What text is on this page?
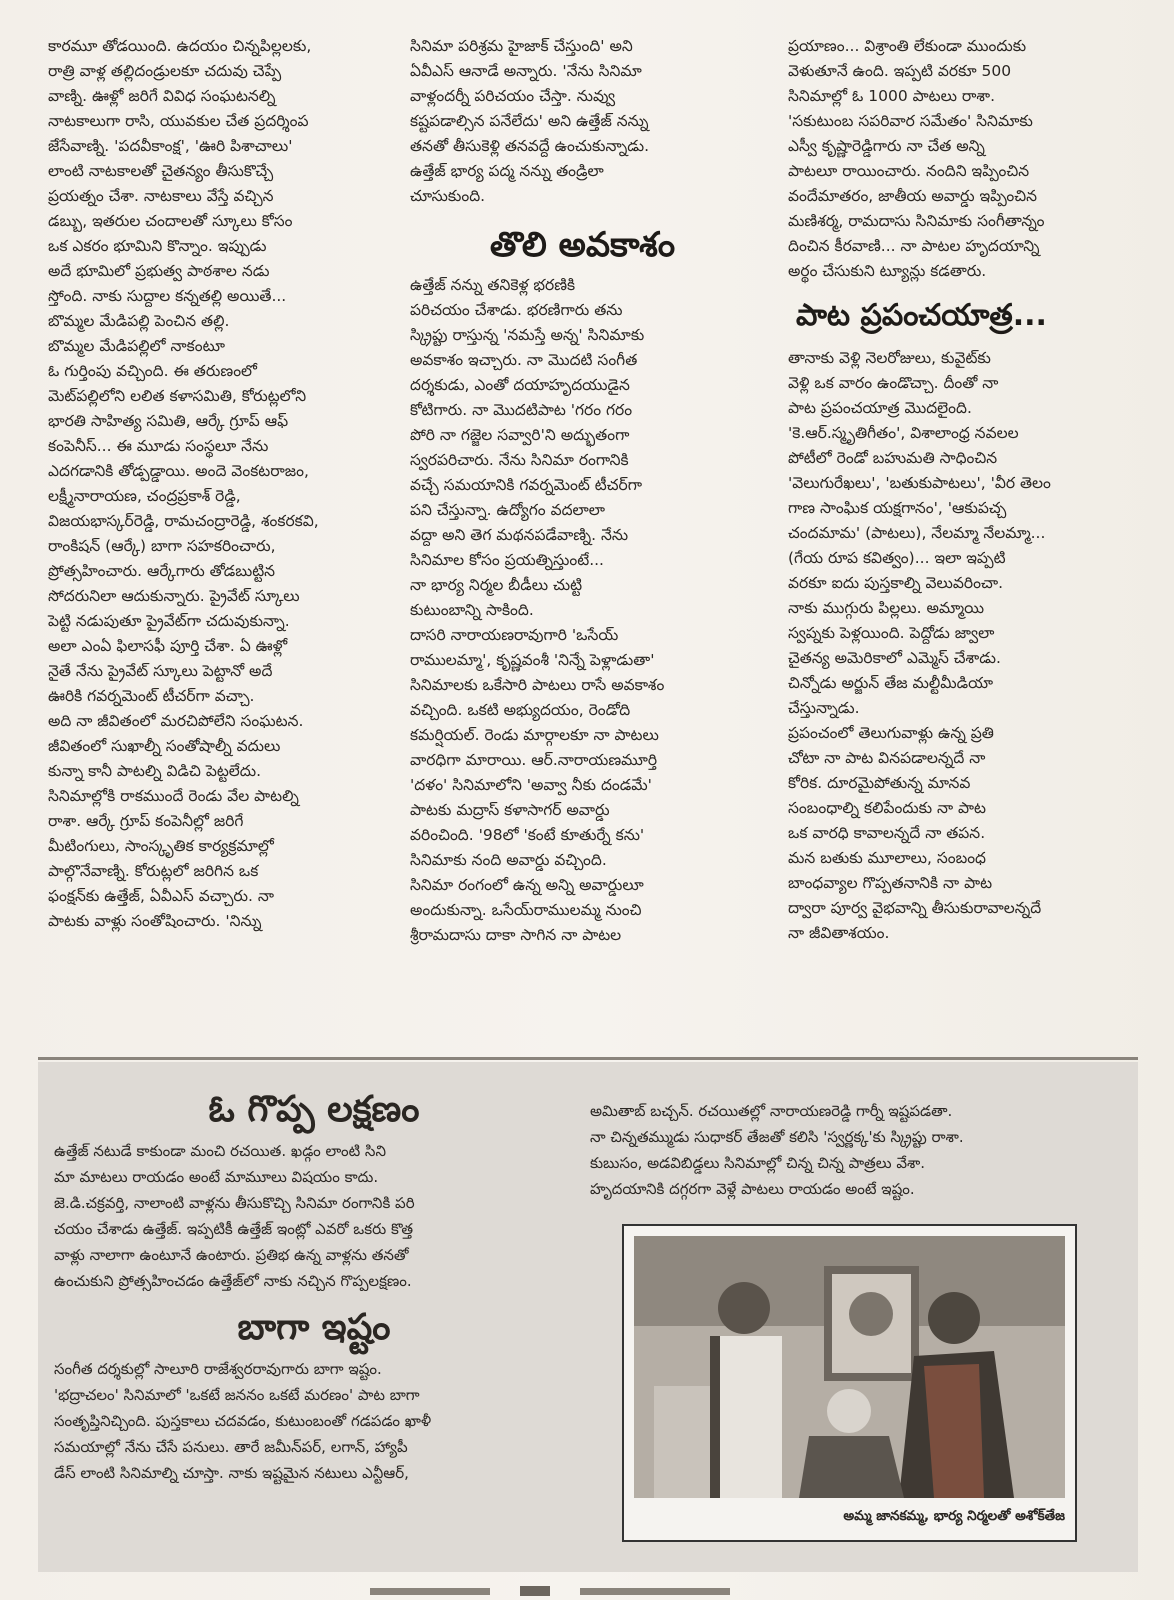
కారమూ తోడయింది. ఉదయం చిన్నపిల్లలకు,
రాత్రి వాళ్ల తల్లిదండ్రులకూ చదువు చెప్పే
వాణ్ని. ఊళ్లో జరిగే వివిధ సంఘటనల్ని
నాటకాలుగా రాసి, యువకుల చేత ప్రదర్శింప
జేసేవాణ్ని. 'పదవీకాంక్ష', 'ఊరి పిశాచాలు'
లాంటి నాటకాలతో చైతన్యం తీసుకొచ్చే
ప్రయత్నం చేశా. నాటకాలు వేస్తే వచ్చిన
డబ్బు, ఇతరుల చందాలతో స్కూలు కోసం
ఒక ఎకరం భూమిని కొన్నాం. ఇప్పుడు
అదే భూమిలో ప్రభుత్వ పాఠశాల నడు
స్తోంది. నాకు సుద్దాల కన్నతల్లి అయితే...
బొమ్మల మేడిపల్లి పెంచిన తల్లి.

బొమ్మల మేడిపల్లిలో నాకంటూ
ఓ గుర్తింపు వచ్చింది. ఈ తరుణంలో
మెట్‌పల్లిలోని లలిత కళాసమితి, కోరుట్లలోని
భారతి సాహిత్య సమితి, ఆర్కే గ్రూప్ ఆఫ్
కంపెనీస్... ఈ మూడు సంస్థలూ నేను
ఎదగడానికి తోడ్పడ్డాయి. అందె వెంకటరాజం,
లక్ష్మీనారాయణ, చంద్రప్రకాశ్ రెడ్డి,
విజయభాస్కర్‌రెడ్డి, రామచంద్రారెడ్డి, శంకరకవి,
రాంకిషన్ (ఆర్కే) బాగా సహకరించారు,
ప్రోత్సహించారు. ఆర్కేగారు తోడబుట్టిన
సోదరునిలా ఆదుకున్నారు. ప్రైవేట్ స్కూలు
పెట్టి నడుపుతూ ప్రైవేట్‌గా చదువుకున్నా.
అలా ఎంఏ ఫిలాసఫీ పూర్తి చేశా. ఏ ఊళ్లో
నైతే నేను ప్రైవేట్ స్కూలు పెట్టానో అదే
ఊరికి గవర్నమెంట్ టీచర్‌గా వచ్చా.
అది నా జీవితంలో మరచిపోలేని సంఘటన.

జీవితంలో సుఖాల్నీ సంతోషాల్నీ వదులు
కున్నా కానీ పాటల్ని విడిచి పెట్టలేదు.
సినిమాల్లోకి రాకముందే రెండు వేల పాటల్ని
రాశా. ఆర్కే గ్రూప్ కంపెనీల్లో జరిగే
మీటింగులు, సాంస్కృతిక కార్యక్రమాల్లో
పాల్గొనేవాణ్ని. కోరుట్లలో జరిగిన ఒక
ఫంక్షన్‌కు ఉత్తేజ్, ఏవీఎస్ వచ్చారు. నా
పాటకు వాళ్లు సంతోషించారు. 'నిన్ను

సినిమా పరిశ్రమ హైజాక్ చేస్తుంది' అని
ఏవీఎస్ ఆనాడే అన్నారు. 'నేను సినిమా
వాళ్లందర్నీ పరిచయం చేస్తా. నువ్వు
కష్టపడాల్సిన పనేలేదు' అని ఉత్తేజ్ నన్ను
తనతో తీసుకెళ్లి తనవద్దే ఉంచుకున్నాడు.
ఉత్తేజ్ భార్య పద్మ నన్ను తండ్రిలా
చూసుకుంది.

తొలి అవకాశం

ఉత్తేజ్ నన్ను తనికెళ్ల భరణికి
పరిచయం చేశాడు. భరణిగారు తను
స్క్రిప్టు రాస్తున్న 'నమస్తే అన్న' సినిమాకు
అవకాశం ఇచ్చారు. నా మొదటి సంగీత
దర్శకుడు, ఎంతో దయాహృదయుడైన
కోటిగారు. నా మొదటిపాట 'గరం గరం
పోరి నా గజ్జెల సవ్వారి'ని అద్భుతంగా
స్వరపరిచారు. నేను సినిమా రంగానికి
వచ్చే సమయానికి గవర్నమెంట్ టీచర్‌గా
పని చేస్తున్నా. ఉద్యోగం వదలాలా
వద్దా అని తెగ మథనపడేవాణ్ని. నేను
సినిమాల కోసం ప్రయత్నిస్తుంటే...
నా భార్య నిర్మల బీడీలు చుట్టి
కుటుంబాన్ని సాకింది.

దాసరి నారాయణరావుగారి 'ఒసేయ్
రాములమ్మా', కృష్ణవంశీ 'నిన్నే పెళ్లాడుతా'
సినిమాలకు ఒకేసారి పాటలు రాసే అవకాశం
వచ్చింది. ఒకటి అభ్యుదయం, రెండోది
కమర్షియల్. రెండు మార్గాలకూ నా పాటలు
వారధిగా మారాయి. ఆర్.నారాయణమూర్తి
'దళం' సినిమాలోని 'అవ్వా నీకు దండమే'
పాటకు మద్రాస్ కళాసాగర్ అవార్డు
వరించింది. '98లో 'కంటే కూతుర్నే కను'
సినిమాకు నంది అవార్డు వచ్చింది.
సినిమా రంగంలో ఉన్న అన్ని అవార్డులూ
అందుకున్నా. ఒసేయ్‌రాములమ్మ నుంచి
శ్రీరామదాసు దాకా సాగిన నా పాటల

ప్రయాణం... విశ్రాంతి లేకుండా ముందుకు
వెళుతూనే ఉంది. ఇప్పటి వరకూ 500
సినిమాల్లో ఓ 1000 పాటలు రాశా.
'సకుటుంబ సపరివార సమేతం' సినిమాకు
ఎస్వీ కృష్ణారెడ్డిగారు నా చేత అన్ని
పాటలూ రాయించారు. నందిని ఇప్పించిన
వందేమాతరం, జాతీయ అవార్డు ఇప్పించిన
మణిశర్మ, రామదాసు సినిమాకు సంగీతాన్నం
దించిన కీరవాణి... నా పాటల హృదయాన్ని
అర్థం చేసుకుని ట్యూన్లు కడతారు.

పాట ప్రపంచయాత్ర...

తానాకు వెళ్లి నెలరోజులు, కువైట్‌కు
వెళ్లి ఒక వారం ఉండొచ్చా. దీంతో నా
పాట ప్రపంచయాత్ర మొదలైంది.
'కె.ఆర్.స్మృతిగీతం', విశాలాంధ్ర నవలల
పోటీలో రెండో బహుమతి సాధించిన
'వెలుగురేఖలు', 'బతుకుపాటలు', 'వీర తెలం
గాణ సాంఘిక యక్షగానం', 'ఆకుపచ్చ
చందమామ' (పాటలు), నేలమ్మా నేలమ్మా...
(గేయ రూప కవిత్వం)... ఇలా ఇప్పటి
వరకూ ఐదు పుస్తకాల్ని వెలువరించా.

నాకు ముగ్గురు పిల్లలు. అమ్మాయి
స్వప్నకు పెళ్లయింది. పెద్దోడు జ్వాలా
చైతన్య అమెరికాలో ఎమ్మెస్ చేశాడు.
చిన్నోడు అర్జున్ తేజ మల్టీమీడియా
చేస్తున్నాడు.

ప్రపంచంలో తెలుగువాళ్లు ఉన్న ప్రతి
చోటా నా పాట వినపడాలన్నదే నా
కోరిక. దూరమైపోతున్న మానవ
సంబంధాల్ని కలిపేందుకు నా పాట
ఒక వారధి కావాలన్నదే నా తపన.
మన బతుకు మూలాలు, సంబంధ
బాంధవ్యాల గొప్పతనానికి నా పాట
ద్వారా పూర్వ వైభవాన్ని తీసుకురావాలన్నదే
నా జీవితాశయం.

ఓ గొప్ప లక్షణం

ఉత్తేజ్ నటుడే కాకుండా మంచి రచయిత. ఖడ్గం లాంటి సిని
మా మాటలు రాయడం అంటే మామూలు విషయం కాదు.
జె.డి.చక్రవర్తి, నాలాంటి వాళ్లను తీసుకొచ్చి సినిమా రంగానికి పరి
చయం చేశాడు ఉత్తేజ్. ఇప్పటికీ ఉత్తేజ్ ఇంట్లో ఎవరో ఒకరు కొత్త
వాళ్లు నాలాగా ఉంటూనే ఉంటారు. ప్రతిభ ఉన్న వాళ్లను తనతో
ఉంచుకుని ప్రోత్సహించడం ఉత్తేజ్‌లో నాకు నచ్చిన గొప్పలక్షణం.

బాగా ఇష్టం

సంగీత దర్శకుల్లో సాలూరి రాజేశ్వరరావుగారు బాగా ఇష్టం.
'భద్రాచలం' సినిమాలో 'ఒకటే జననం ఒకటే మరణం' పాట బాగా
సంతృప్తినిచ్చింది. పుస్తకాలు చదవడం, కుటుంబంతో గడపడం ఖాళీ
సమయాల్లో నేను చేసే పనులు. తారే జమీన్‌పర్, లగాన్, హ్యాపీ
డేస్ లాంటి సినిమాల్ని చూస్తా. నాకు ఇష్టమైన నటులు ఎన్టీఆర్,

అమితాబ్ బచ్చన్. రచయితల్లో నారాయణరెడ్డి గార్నీ ఇష్టపడతా.
నా చిన్నతమ్ముడు సుధాకర్ తేజతో కలిసి 'స్వర్ణక్క'కు స్క్రిప్టు రాశా.
కుబుసం, అడవిబిడ్డలు సినిమాల్లో చిన్న చిన్న పాత్రలు వేశా.
హృదయానికి దగ్గరగా వెళ్లే పాటలు రాయడం అంటే ఇష్టం.

అమ్మ జానకమ్మ, భార్య నిర్మలతో అశోక్‌తేజ
